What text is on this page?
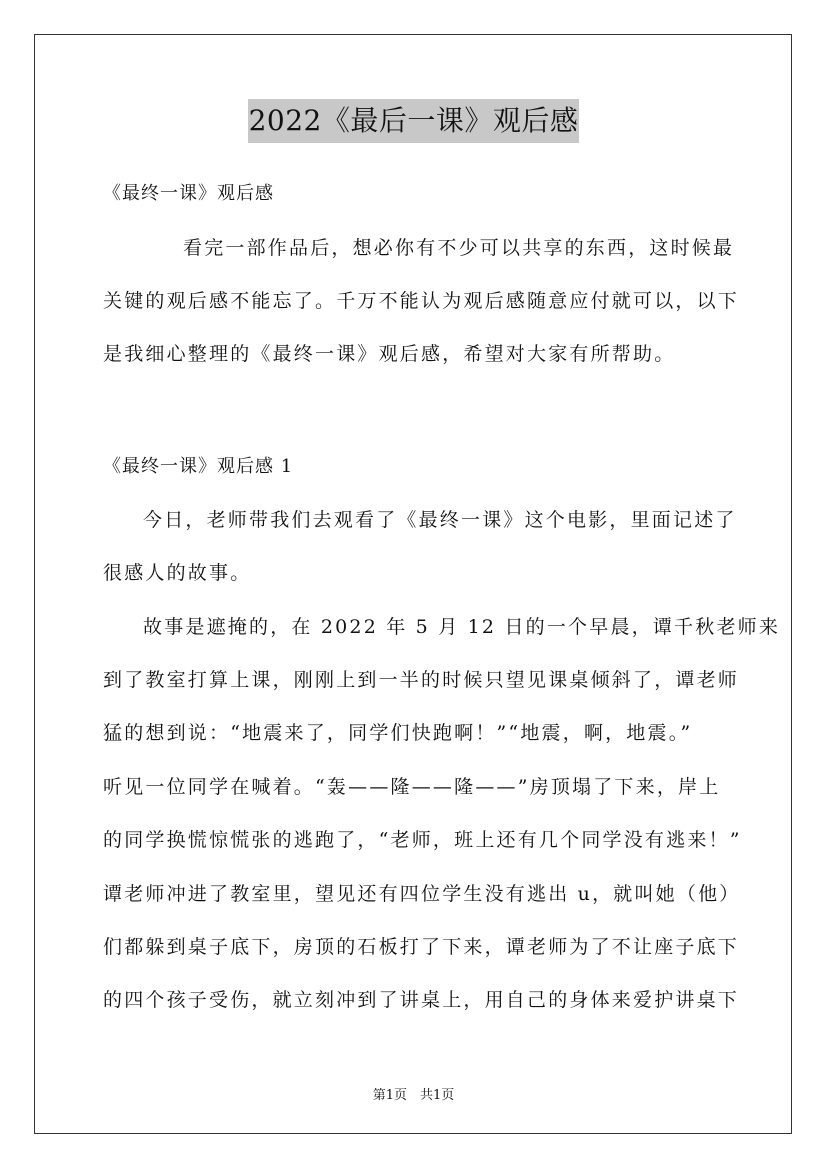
2022《最后一课》观后感
《最终一课》观后感
看完一部作品后，想必你有不少可以共享的东西，这时候最
关键的观后感不能忘了。千万不能认为观后感随意应付就可以，以下
是我细心整理的《最终一课》观后感，希望对大家有所帮助。
《最终一课》观后感 1
今日，老师带我们去观看了《最终一课》这个电影，里面记述了
很感人的故事。
故事是遮掩的，在 2022 年 5 月 12 日的一个早晨，谭千秋老师来
到了教室打算上课，刚刚上到一半的时候只望见课桌倾斜了，谭老师
猛的想到说：“地震来了，同学们快跑啊！”“地震，啊，地震。”
听见一位同学在喊着。“轰——隆——隆——”房顶塌了下来，岸上
的同学换慌惊慌张的逃跑了，“老师，班上还有几个同学没有逃来！”
谭老师冲进了教室里，望见还有四位学生没有逃出 u，就叫她（他）
们都躲到桌子底下，房顶的石板打了下来，谭老师为了不让座子底下
的四个孩子受伤，就立刻冲到了讲桌上，用自己的身体来爱护讲桌下
第1页　共1页
